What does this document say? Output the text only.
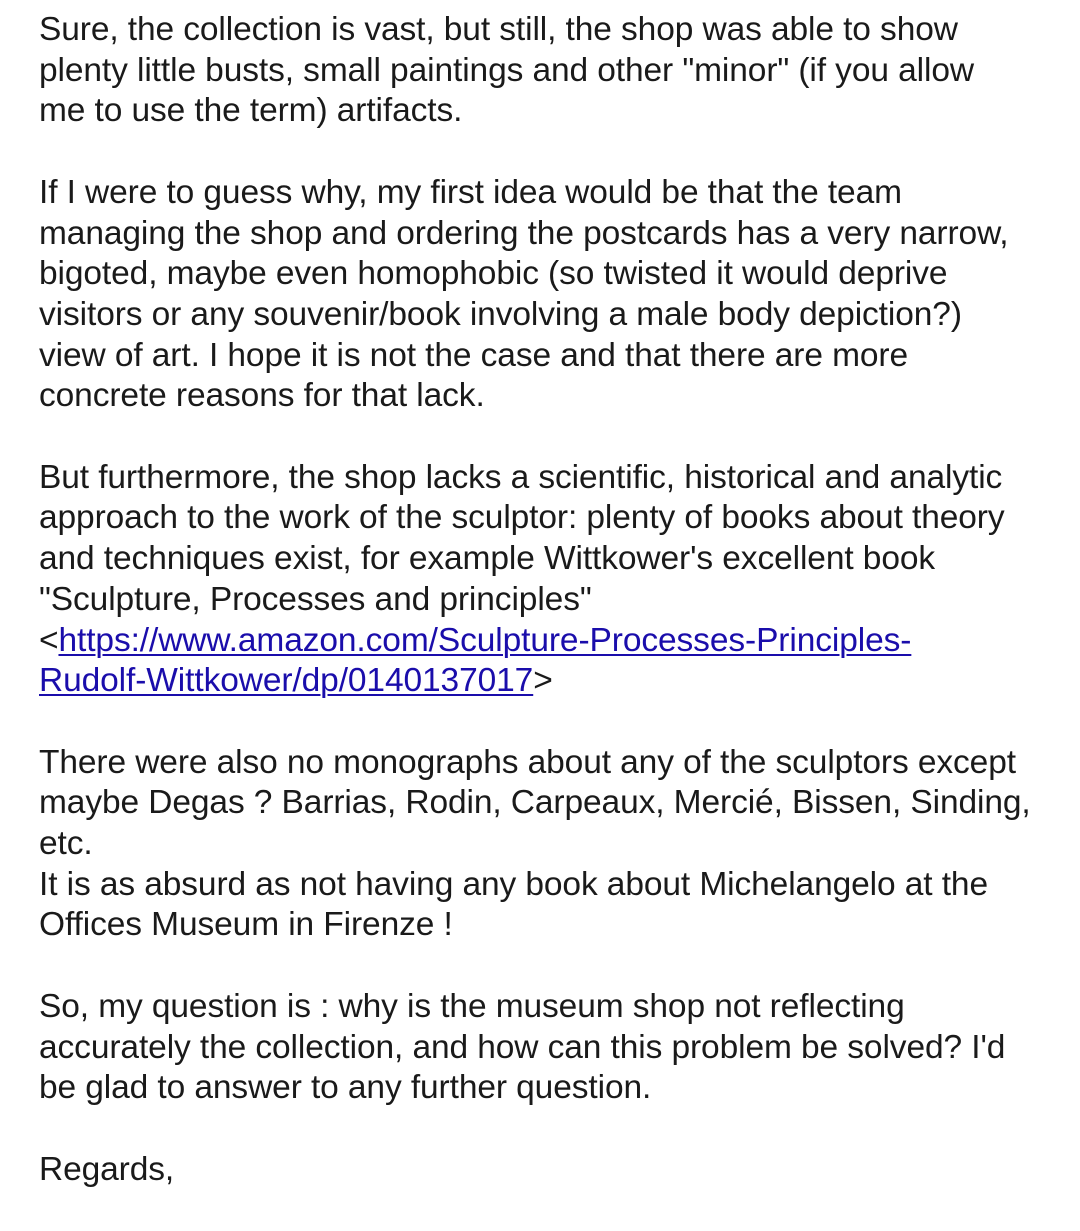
Sure, the collection is vast, but still, the shop was able to show
plenty little busts, small paintings and other "minor" (if you allow
me to use the term) artifacts.

If I were to guess why, my first idea would be that the team
managing the shop and ordering the postcards has a very narrow,
bigoted, maybe even homophobic (so twisted it would deprive
visitors or any souvenir/book involving a male body depiction?)
view of art. I hope it is not the case and that there are more
concrete reasons for that lack.

But furthermore, the shop lacks a scientific, historical and analytic
approach to the work of the sculptor: plenty of books about theory
and techniques exist, for example Wittkower's excellent book
"Sculpture, Processes and principles"
<https://www.amazon.com/Sculpture-Processes-Principles-
Rudolf-Wittkower/dp/0140137017>

There were also no monographs about any of the sculptors except
maybe Degas ? Barrias, Rodin, Carpeaux, Mercié, Bissen, Sinding,
etc.

It is as absurd as not having any book about Michelangelo at the
Offices Museum in Firenze !

So, my question is : why is the museum shop not reflecting
accurately the collection, and how can this problem be solved? I'd
be glad to answer to any further question.

Regards,
